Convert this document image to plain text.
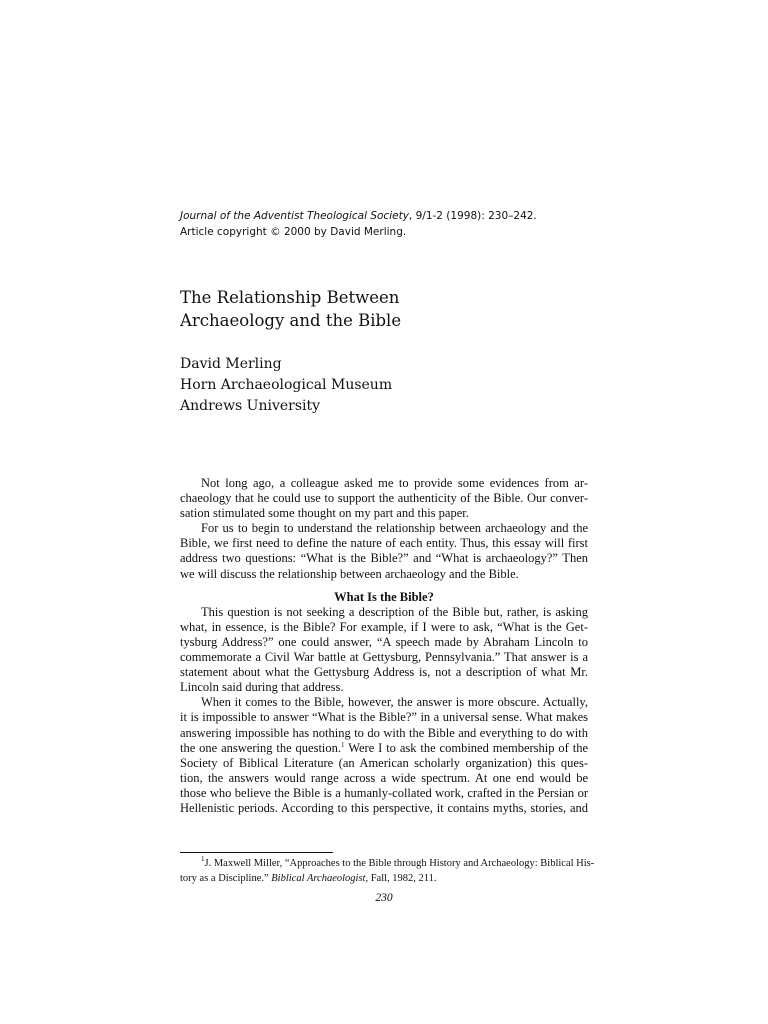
Journal of the Adventist Theological Society, 9/1-2 (1998): 230–242.
Article copyright © 2000 by David Merling.
The Relationship Between
Archaeology and the Bible
David Merling
Horn Archaeological Museum
Andrews University
Not long ago, a colleague asked me to provide some evidences from ar-
chaeology that he could use to support the authenticity of the Bible. Our conver-
sation stimulated some thought on my part and this paper.
For us to begin to understand the relationship between archaeology and the
Bible, we first need to define the nature of each entity. Thus, this essay will first
address two questions: “What is the Bible?” and “What is archaeology?” Then
we will discuss the relationship between archaeology and the Bible.
What Is the Bible?
This question is not seeking a description of the Bible but, rather, is asking
what, in essence, is the Bible? For example, if I were to ask, “What is the Get-
tysburg Address?” one could answer, “A speech made by Abraham Lincoln to
commemorate a Civil War battle at Gettysburg, Pennsylvania.” That answer is a
statement about what the Gettysburg Address is, not a description of what Mr.
Lincoln said during that address.
When it comes to the Bible, however, the answer is more obscure. Actually,
it is impossible to answer “What is the Bible?” in a universal sense. What makes
answering impossible has nothing to do with the Bible and everything to do with
the one answering the question.$^1$ Were I to ask the combined membership of the
Society of Biblical Literature (an American scholarly organization) this ques-
tion, the answers would range across a wide spectrum. At one end would be
those who believe the Bible is a humanly-collated work, crafted in the Persian or
Hellenistic periods. According to this perspective, it contains myths, stories, and
$^1$J. Maxwell Miller, “Approaches to the Bible through History and Archaeology: Biblical His-
tory as a Discipline.” Biblical Archaeologist, Fall, 1982, 211.
230
